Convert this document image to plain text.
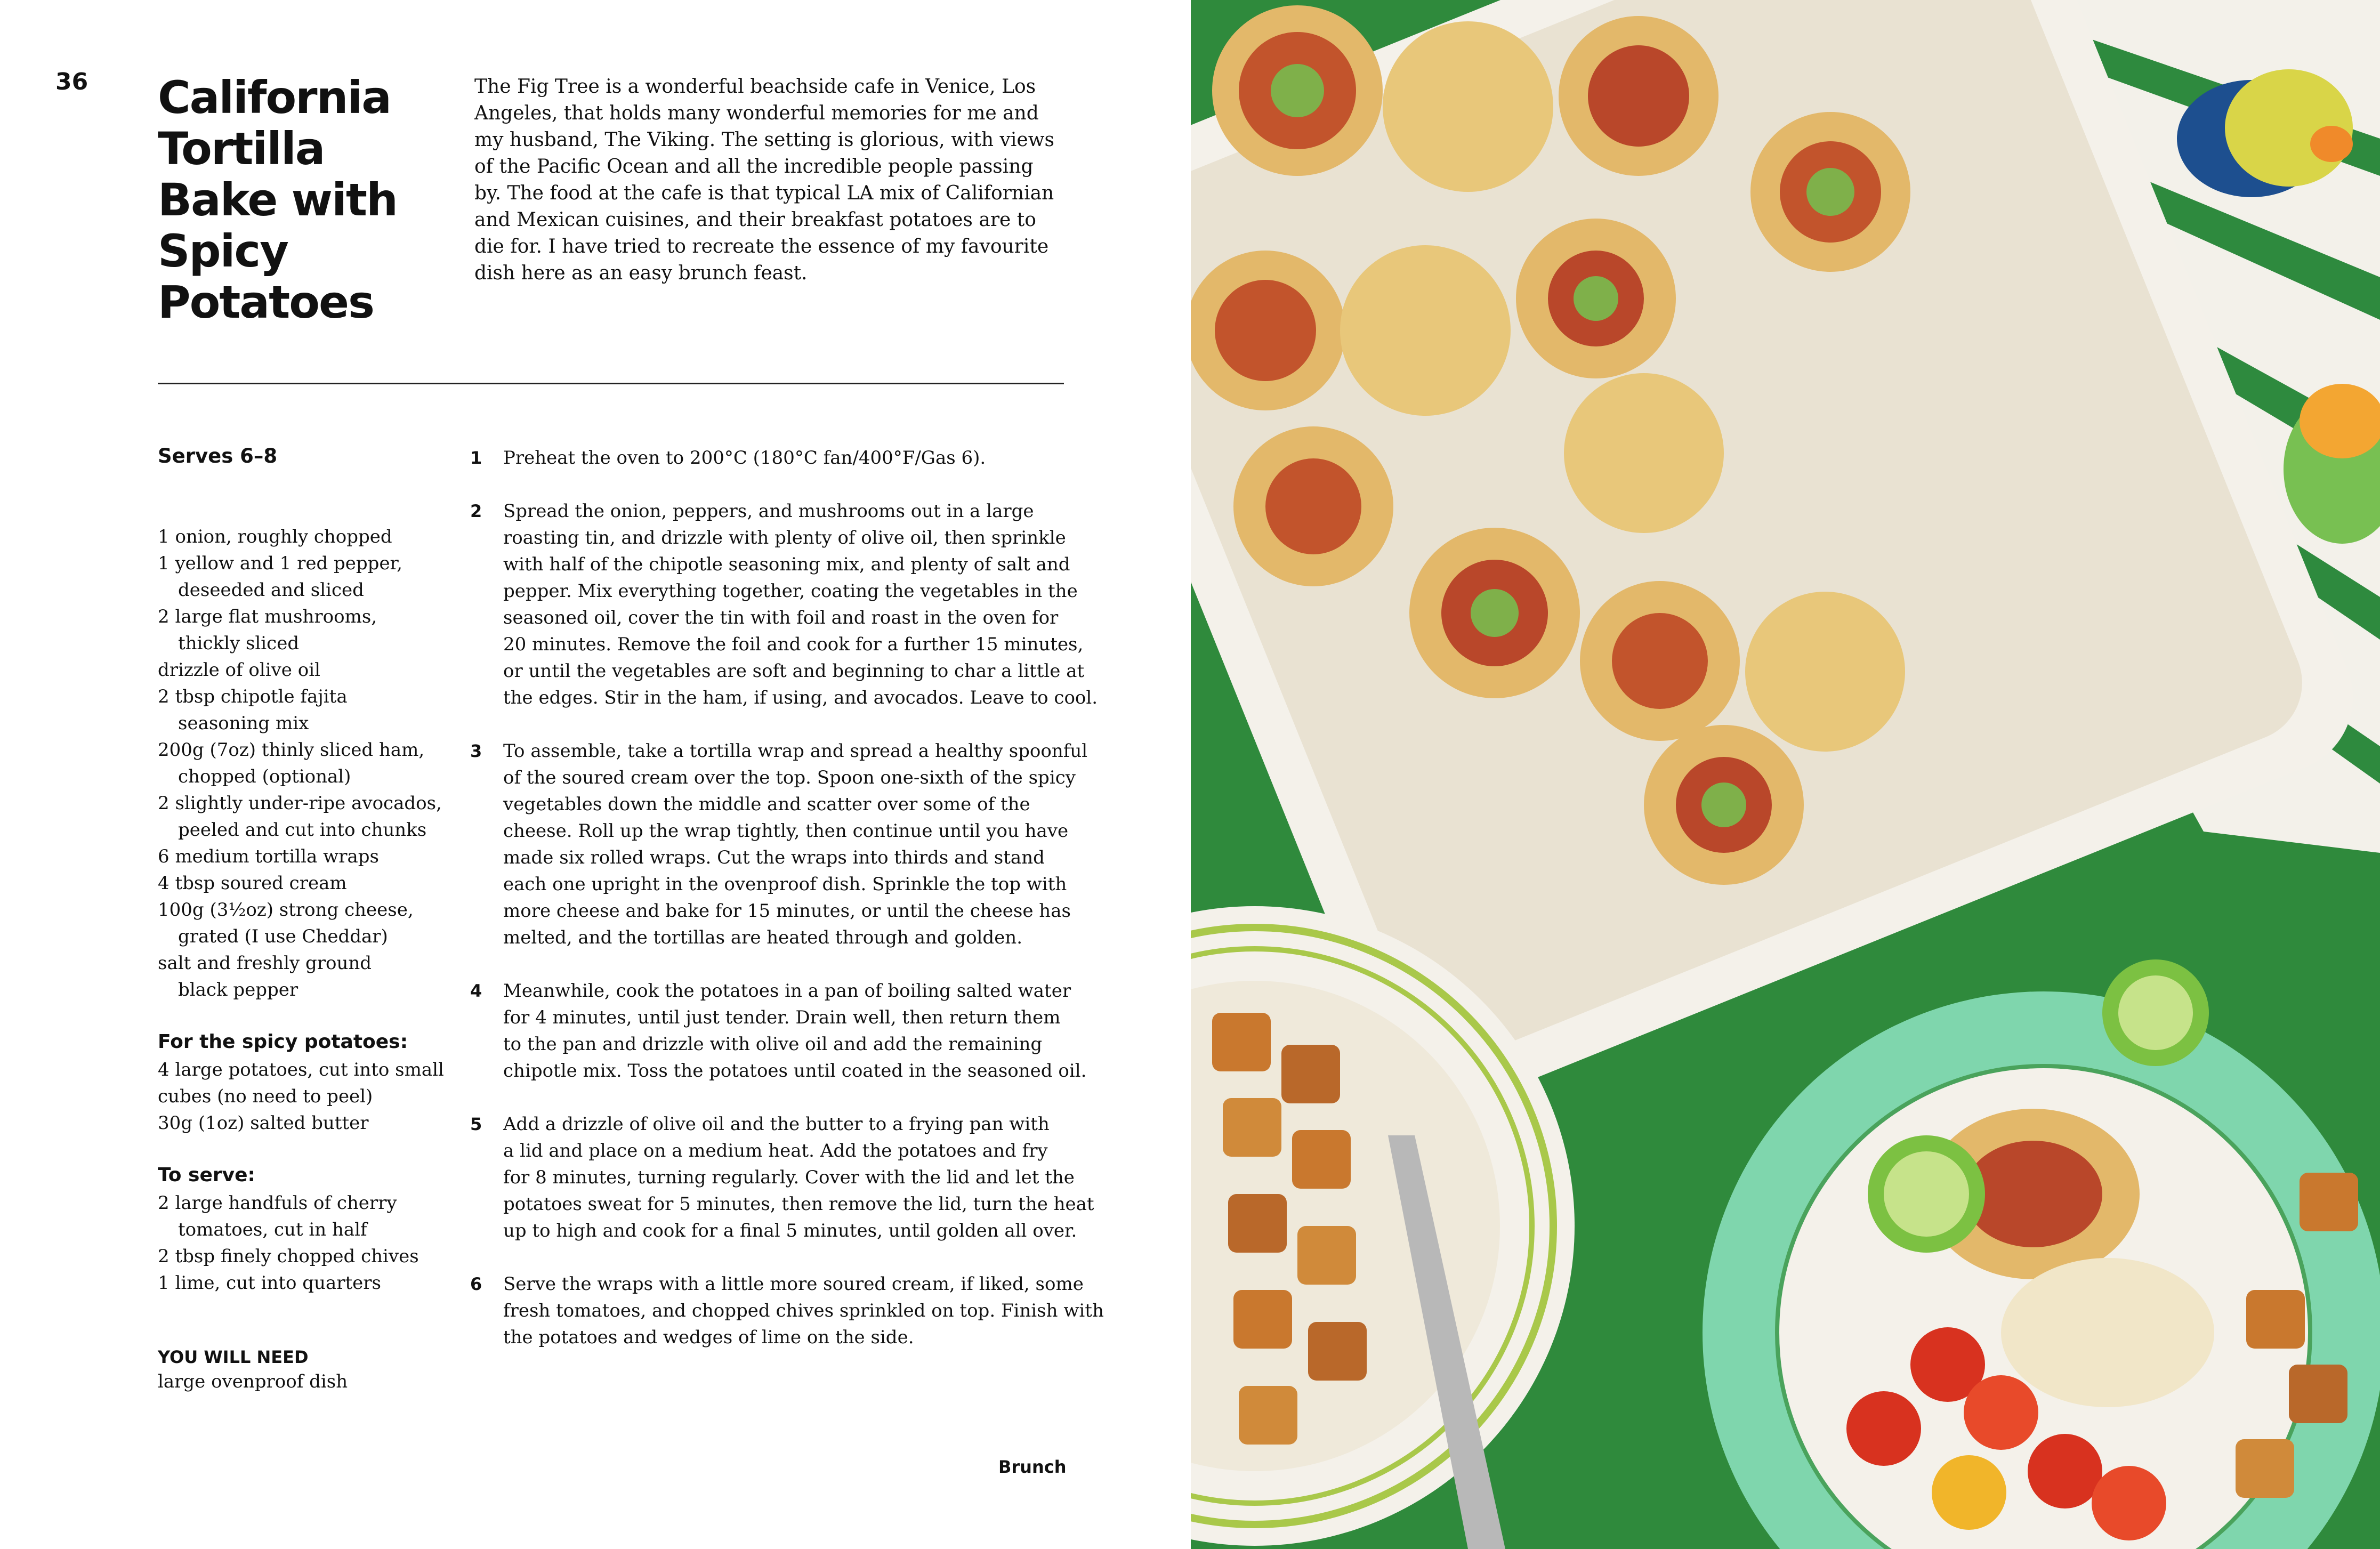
36 California
Tortilla
Bake with
Spicy
Potatoes
The Fig Tree is a wonderful beachside cafe in Venice, Los
Angeles, that holds many wonderful memories for me and
my husband, The Viking. The setting is glorious, with views
of the Pacific Ocean and all the incredible people passing
by. The food at the cafe is that typical LA mix of Californian
and Mexican cuisines, and their breakfast potatoes are to
die for. I have tried to recreate the essence of my favourite
dish here as an easy brunch feast.
Serves 6–8
1 onion, roughly chopped
1 yellow and 1 red pepper,
deseeded and sliced
2 large flat mushrooms,
thickly sliced
drizzle of olive oil
2 tbsp chipotle fajita
seasoning mix
200g (7oz) thinly sliced ham,
chopped (optional)
2 slightly under-ripe avocados,
peeled and cut into chunks
6 medium tortilla wraps
4 tbsp soured cream
100g (3½oz) strong cheese,
grated (I use Cheddar)
salt and freshly ground
black pepper
For the spicy potatoes:
4 large potatoes, cut into small
cubes (no need to peel)
30g (1oz) salted butter
To serve:
2 large handfuls of cherry
tomatoes, cut in half
2 tbsp finely chopped chives
1 lime, cut into quarters
YOU WILL NEED
large ovenproof dish
1 Preheat the oven to 200°C (180°C fan/400°F/Gas 6).
2 Spread the onion, peppers, and mushrooms out in a large
roasting tin, and drizzle with plenty of olive oil, then sprinkle
with half of the chipotle seasoning mix, and plenty of salt and
pepper. Mix everything together, coating the vegetables in the
seasoned oil, cover the tin with foil and roast in the oven for
20 minutes. Remove the foil and cook for a further 15 minutes,
or until the vegetables are soft and beginning to char a little at
the edges. Stir in the ham, if using, and avocados. Leave to cool.
3 To assemble, take a tortilla wrap and spread a healthy spoonful
of the soured cream over the top. Spoon one-sixth of the spicy
vegetables down the middle and scatter over some of the
cheese. Roll up the wrap tightly, then continue until you have
made six rolled wraps. Cut the wraps into thirds and stand
each one upright in the ovenproof dish. Sprinkle the top with
more cheese and bake for 15 minutes, or until the cheese has
melted, and the tortillas are heated through and golden.
4 Meanwhile, cook the potatoes in a pan of boiling salted water
for 4 minutes, until just tender. Drain well, then return them
to the pan and drizzle with olive oil and add the remaining
chipotle mix. Toss the potatoes until coated in the seasoned oil.
5 Add a drizzle of olive oil and the butter to a frying pan with
a lid and place on a medium heat. Add the potatoes and fry
for 8 minutes, turning regularly. Cover with the lid and let the
potatoes sweat for 5 minutes, then remove the lid, turn the heat
up to high and cook for a final 5 minutes, until golden all over.
6 Serve the wraps with a little more soured cream, if liked, some
fresh tomatoes, and chopped chives sprinkled on top. Finish with
the potatoes and wedges of lime on the side.
Brunch
